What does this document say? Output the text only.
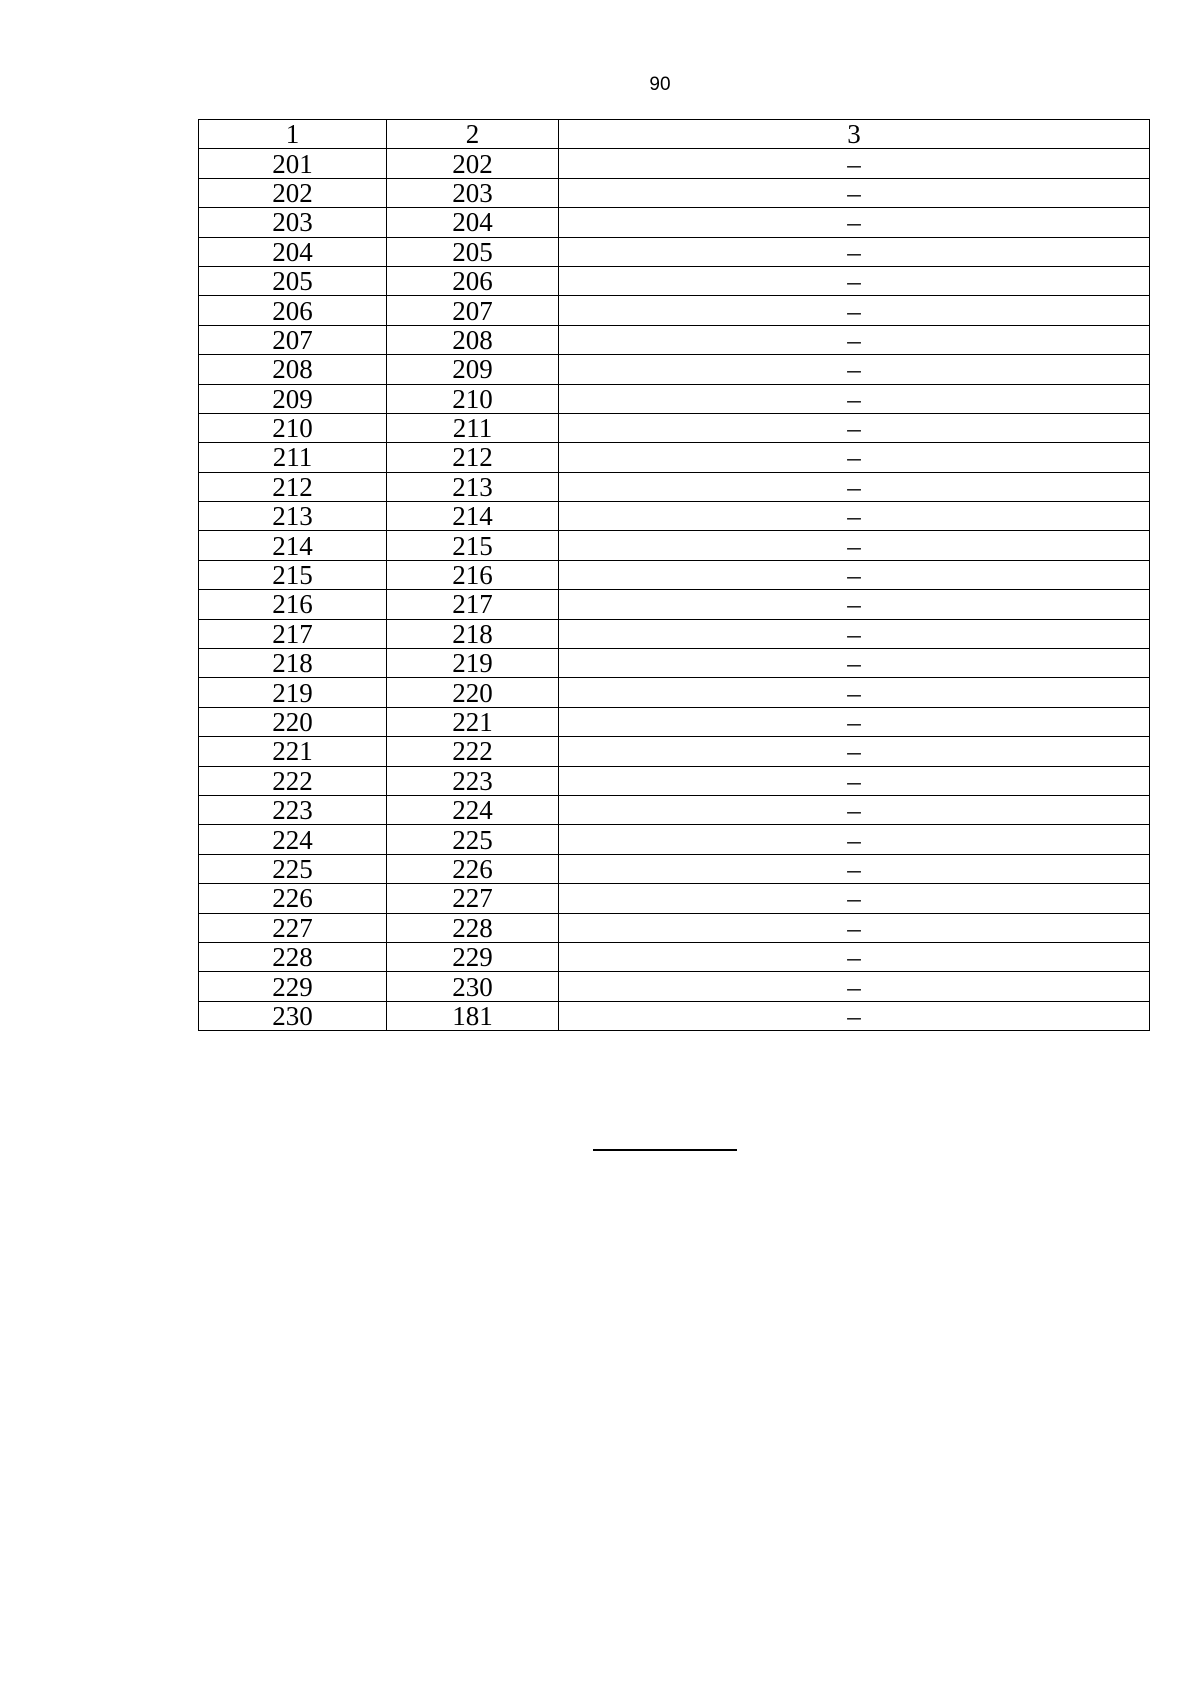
90
1	2	3
201	202	–
202	203	–
203	204	–
204	205	–
205	206	–
206	207	–
207	208	–
208	209	–
209	210	–
210	211	–
211	212	–
212	213	–
213	214	–
214	215	–
215	216	–
216	217	–
217	218	–
218	219	–
219	220	–
220	221	–
221	222	–
222	223	–
223	224	–
224	225	–
225	226	–
226	227	–
227	228	–
228	229	–
229	230	–
230	181	–
